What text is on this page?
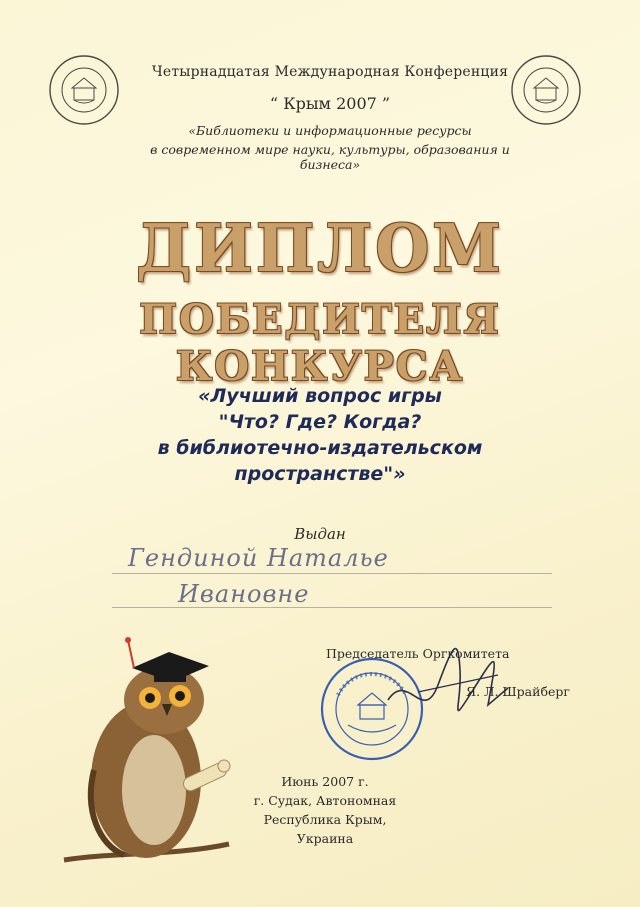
Четырнадцатая Международная Конференция
“ Крым 2007 ”
«Библиотеки и информационные ресурсы
в современном мире науки, культуры, образования и бизнеса»
ДИПЛОМ
ПОБЕДИТЕЛЯ КОНКУРСА
«Лучший вопрос игры
"Что? Где? Когда?
в библиотечно-издательском
пространстве"»
Выдан
Гендиной Наталье
Ивановне
Председатель Оргкомитета
Я. Л. Шрайберг
Июнь 2007 г.
г. Судак, Автономная
Республика Крым,
Украина
